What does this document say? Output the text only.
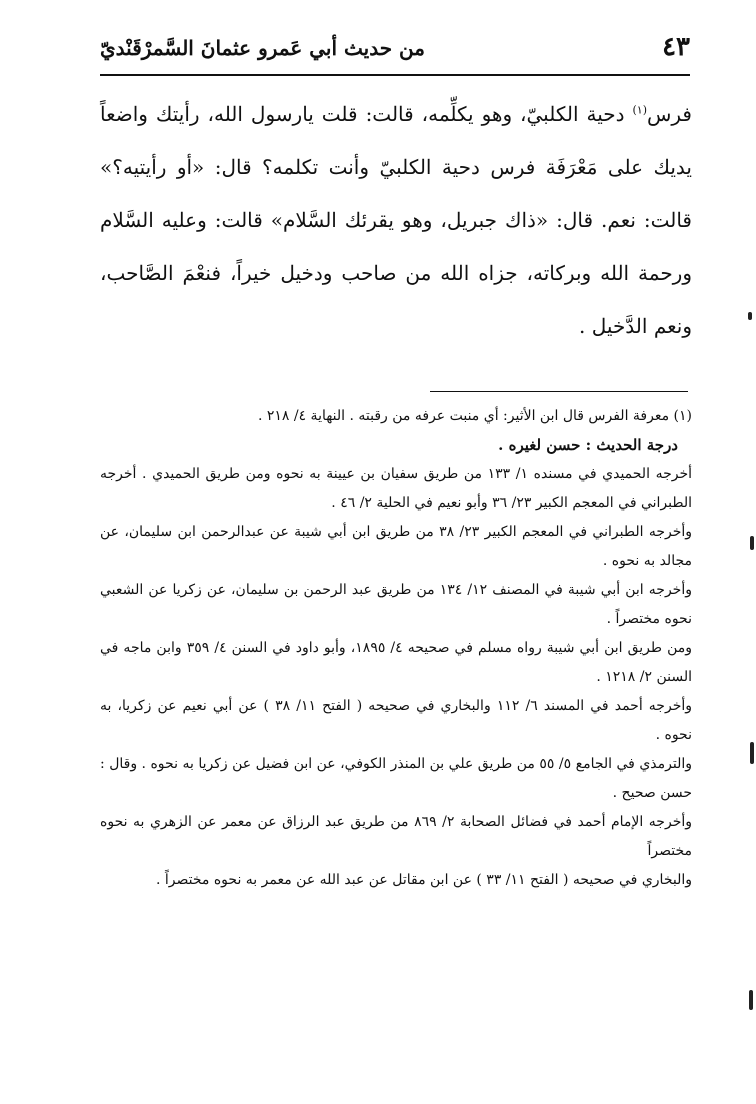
٤٣
من حديث أبي عَمرو عثمانَ السَّمرْقَنْديّ

فرس$^{(١)}$ دحية الكلبيّ، وهو يكلِّمه، قالت: قلت يارسول الله، رأيتك واضعاً يديك على مَعْرَفَة فرس دحية الكلبيّ وأنت تكلمه؟ قال: «أو رأيتيه؟» قالت: نعم. قال: «ذاك جبريل، وهو يقرئك السَّلام» قالت: وعليه السَّلام ورحمة الله وبركاته، جزاه الله من صاحب ودخيل خيراً، فنعْمَ الصَّاحب، ونعم الدَّخيل .

(١) معرفة الفرس قال ابن الأثير: أي منبت عرفه من رقبته . النهاية ٤/ ٢١٨ .

درجة الحديث : حسن لغيره .

أخرجه الحميدي في مسنده ١/ ١٣٣ من طريق سفيان بن عيينة به نحوه ومن طريق الحميدي . أخرجه الطبراني في المعجم الكبير ٢٣/ ٣٦ وأبو نعيم في الحلية ٢/ ٤٦ .

وأخرجه الطبراني في المعجم الكبير ٢٣/ ٣٨ من طريق ابن أبي شيبة عن عبدالرحمن ابن سليمان، عن مجالد به نحوه .

وأخرجه ابن أبي شيبة في المصنف ١٢/ ١٣٤ من طريق عبد الرحمن بن سليمان، عن زكريا عن الشعبي نحوه مختصراً .

ومن طريق ابن أبي شيبة رواه مسلم في صحيحه ٤/ ١٨٩٥، وأبو داود في السنن ٤/ ٣٥٩ وابن ماجه في السنن ٢/ ١٢١٨ .

وأخرجه أحمد في المسند ٦/ ١١٢ والبخاري في صحيحه ( الفتح ١١/ ٣٨ ) عن أبي نعيم عن زكريا، به نحوه .

والترمذي في الجامع ٥/ ٥٥ من طريق علي بن المنذر الكوفي، عن ابن فضيل عن زكريا به نحوه . وقال : حسن صحيح .

وأخرجه الإمام أحمد في فضائل الصحابة ٢/ ٨٦٩ من طريق عبد الرزاق عن معمر عن الزهري به نحوه مختصراً

والبخاري في صحيحه ( الفتح ١١/ ٣٣ ) عن ابن مقاتل عن عبد الله عن معمر به نحوه مختصراً .
